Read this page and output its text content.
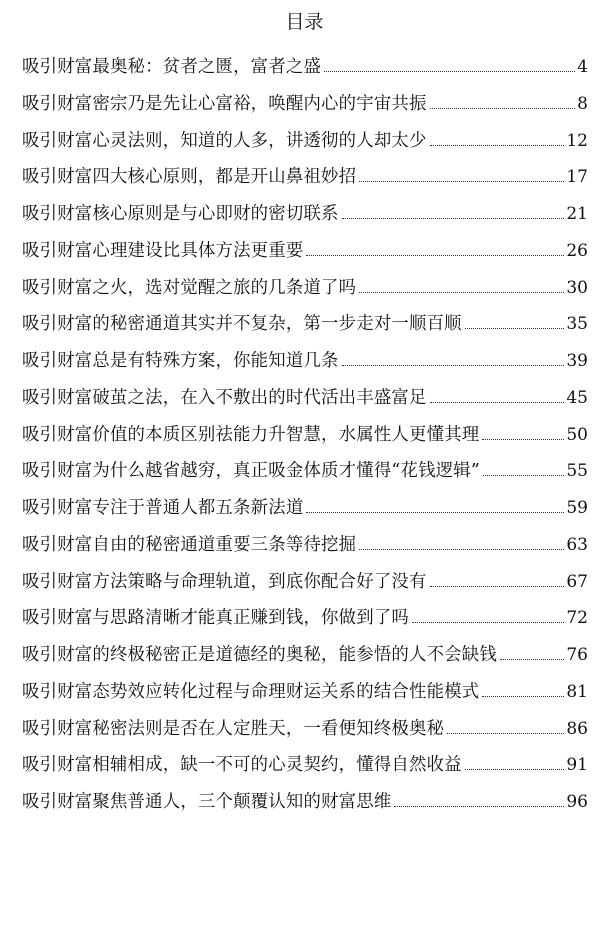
目录
吸引财富最奥秘：贫者之匮，富者之盛	4
吸引财富密宗乃是先让心富裕，唤醒内心的宇宙共振	8
吸引财富心灵法则，知道的人多，讲透彻的人却太少	12
吸引财富四大核心原则，都是开山鼻祖妙招	17
吸引财富核心原则是与心即财的密切联系	21
吸引财富心理建设比具体方法更重要	26
吸引财富之火，选对觉醒之旅的几条道了吗	30
吸引财富的秘密通道其实并不复杂，第一步走对一顺百顺	35
吸引财富总是有特殊方案，你能知道几条	39
吸引财富破茧之法，在入不敷出的时代活出丰盛富足	45
吸引财富价值的本质区别祛能力升智慧，水属性人更懂其理	50
吸引财富为什么越省越穷，真正吸金体质才懂得“花钱逻辑”	55
吸引财富专注于普通人都五条新法道	59
吸引财富自由的秘密通道重要三条等待挖掘	63
吸引财富方法策略与命理轨道，到底你配合好了没有	67
吸引财富与思路清晰才能真正赚到钱，你做到了吗	72
吸引财富的终极秘密正是道德经的奥秘，能参悟的人不会缺钱	76
吸引财富态势效应转化过程与命理财运关系的结合性能模式	81
吸引财富秘密法则是否在人定胜天，一看便知终极奥秘	86
吸引财富相辅相成，缺一不可的心灵契约，懂得自然收益	91
吸引财富聚焦普通人，三个颠覆认知的财富思维	96
